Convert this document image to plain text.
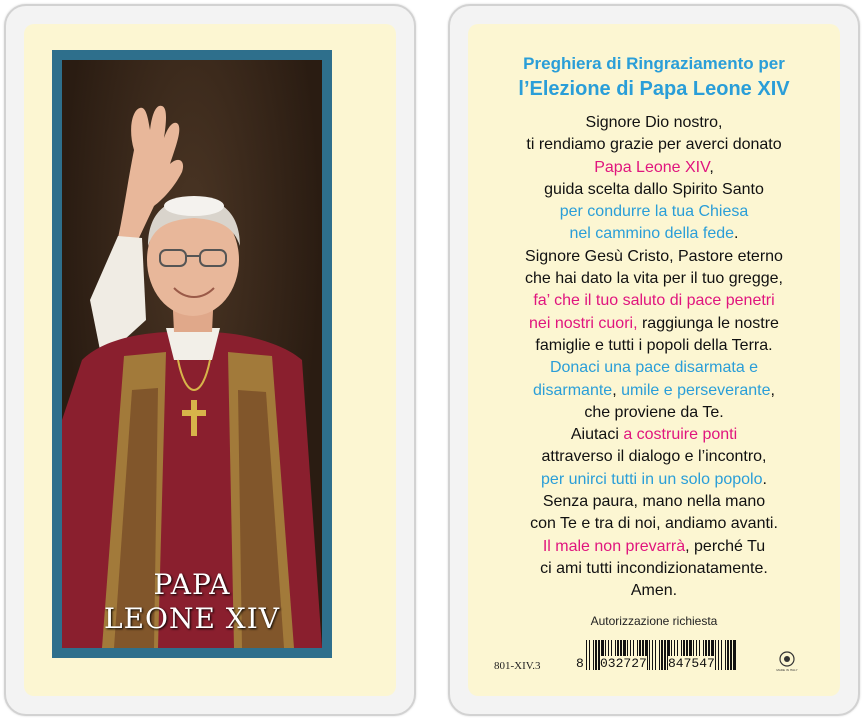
PAPA
LEONE XIV
Preghiera di Ringraziamento per
l’Elezione di Papa Leone XIV
Signore Dio nostro,
ti rendiamo grazie per averci donato
Papa Leone XIV,
guida scelta dallo Spirito Santo
per condurre la tua Chiesa
nel cammino della fede.
Signore Gesù Cristo, Pastore eterno
che hai dato la vita per il tuo gregge,
fa’ che il tuo saluto di pace penetri
nei nostri cuori, raggiunga le nostre
famiglie e tutti i popoli della Terra.
Donaci una pace disarmata e
disarmante, umile e perseverante,
che proviene da Te.
Aiutaci a costruire ponti
attraverso il dialogo e l’incontro,
per unirci tutti in un solo popolo.
Senza paura, mano nella mano
con Te e tra di noi, andiamo avanti.
Il male non prevarrà, perché Tu
ci ami tutti incondizionatamente.
Amen.
Autorizzazione richiesta
801-XIV.3	8 032727 847547	MADE IN ITALY
